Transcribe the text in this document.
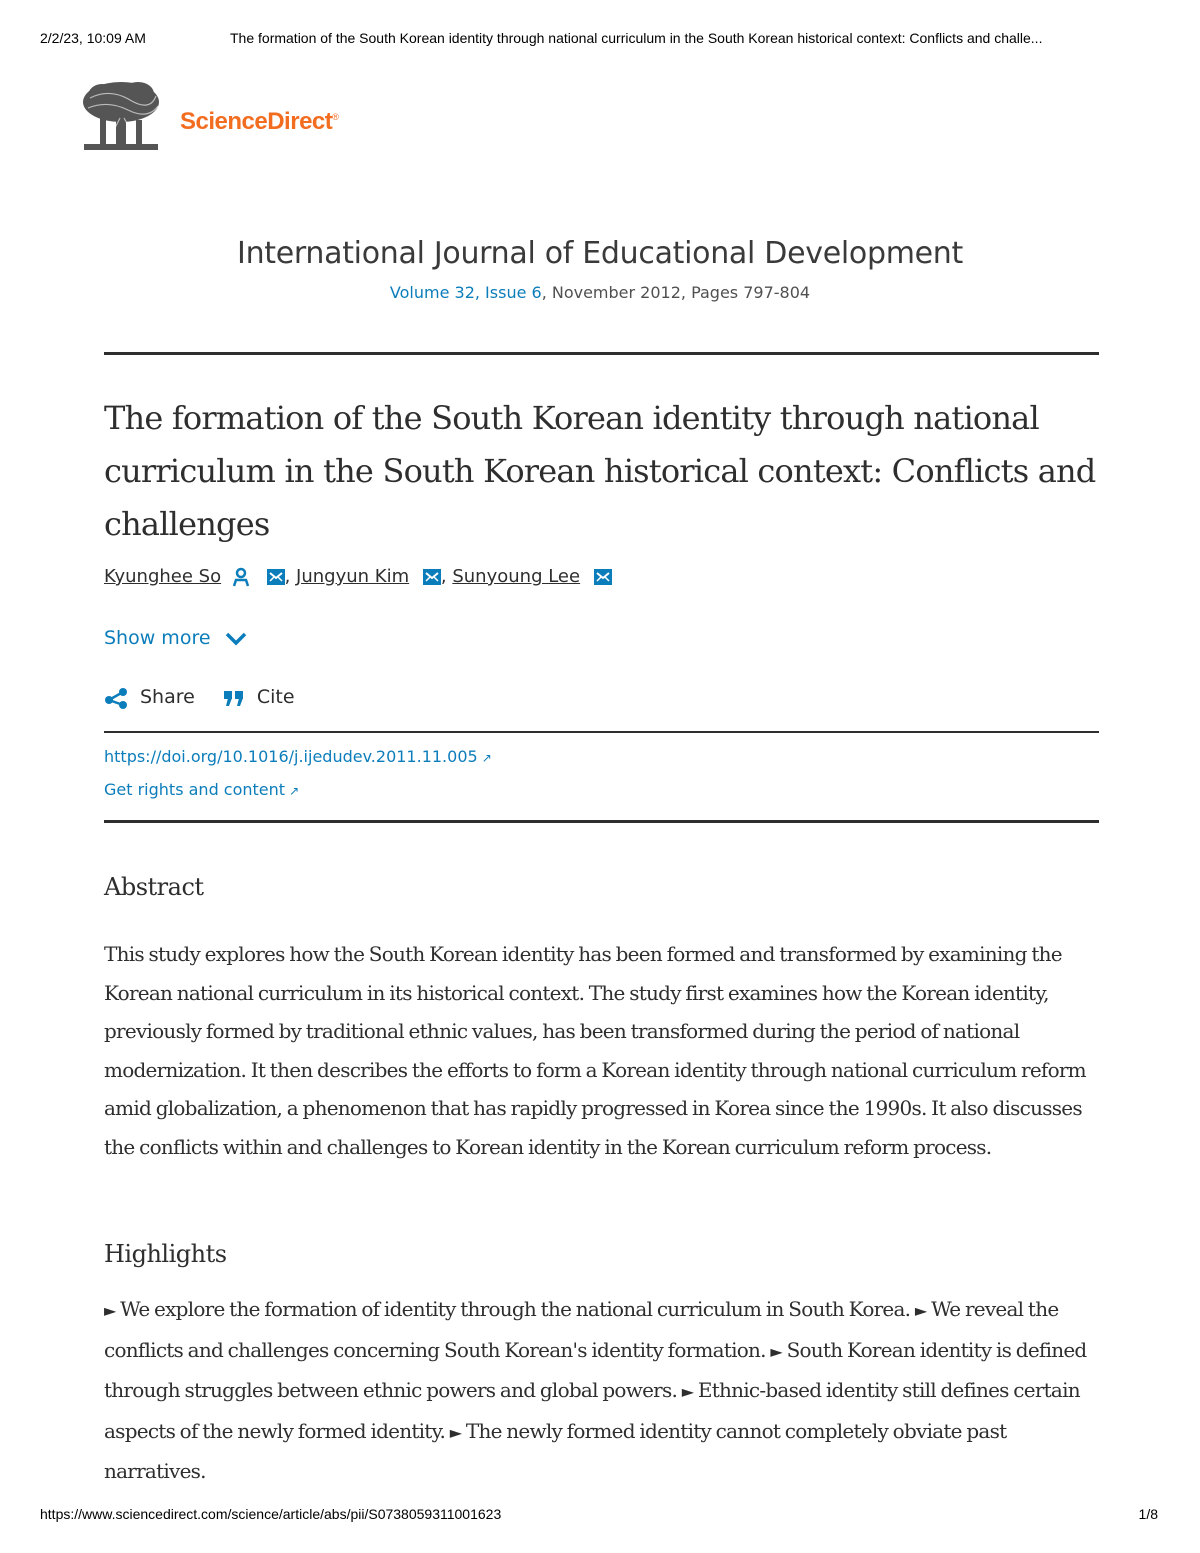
2/2/23, 10:09 AM	The formation of the South Korean identity through national curriculum in the South Korean historical context: Conflicts and challe...
ScienceDirect®
International Journal of Educational Development
Volume 32, Issue 6, November 2012, Pages 797-804
The formation of the South Korean identity through national curriculum in the South Korean historical context: Conflicts and challenges
Kyunghee So	, Jungyun Kim , Sunyoung Lee
Show more
Share	Cite
https://doi.org/10.1016/j.ijedudev.2011.11.005 ↗
Get rights and content ↗
Abstract

This study explores how the South Korean identity has been formed and transformed by examining the Korean national curriculum in its historical context. The study first examines how the Korean identity, previously formed by traditional ethnic values, has been transformed during the period of national modernization. It then describes the efforts to form a Korean identity through national curriculum reform amid globalization, a phenomenon that has rapidly progressed in Korea since the 1990s. It also discusses the conflicts within and challenges to Korean identity in the Korean curriculum reform process.

Highlights

► We explore the formation of identity through the national curriculum in South Korea. ► We reveal the conflicts and challenges concerning South Korean's identity formation. ► South Korean identity is defined through struggles between ethnic powers and global powers. ► Ethnic-based identity still defines certain aspects of the newly formed identity. ► The newly formed identity cannot completely obviate past narratives.

https://www.sciencedirect.com/science/article/abs/pii/S0738059311001623	1/8
